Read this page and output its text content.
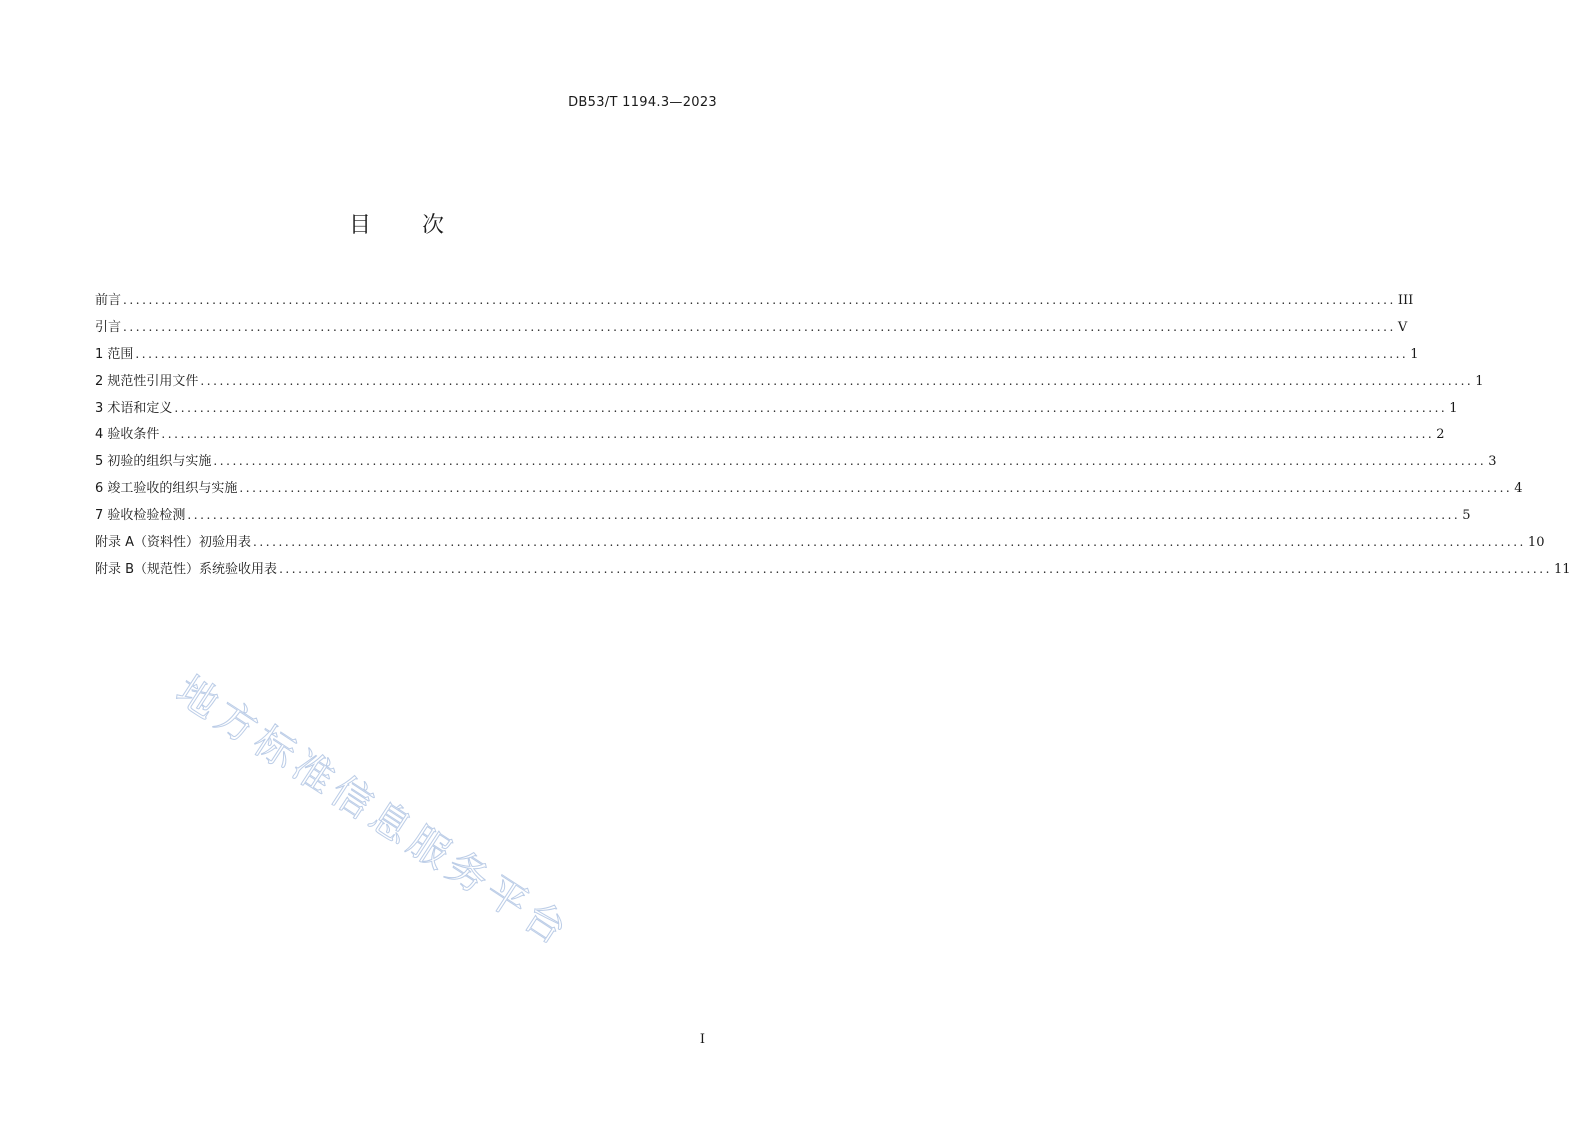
DB53/T 1194.3—2023
目 次
前言 ........................................................................................................................................................................................................ III
引言 ........................................................................................................................................................................................................ V
1 范围 ........................................................................................................................................................................................................ 1
2 规范性引用文件 ........................................................................................................................................................................................................ 1
3 术语和定义 ........................................................................................................................................................................................................ 1
4 验收条件 ........................................................................................................................................................................................................ 2
5 初验的组织与实施 ........................................................................................................................................................................................................ 3
6 竣工验收的组织与实施 ........................................................................................................................................................................................................ 4
7 验收检验检测 ........................................................................................................................................................................................................ 5
附录 A（资料性）初验用表 ........................................................................................................................................................................................................ 10
附录 B（规范性）系统验收用表 ........................................................................................................................................................................................................ 11
地方标准信息服务平台
I
